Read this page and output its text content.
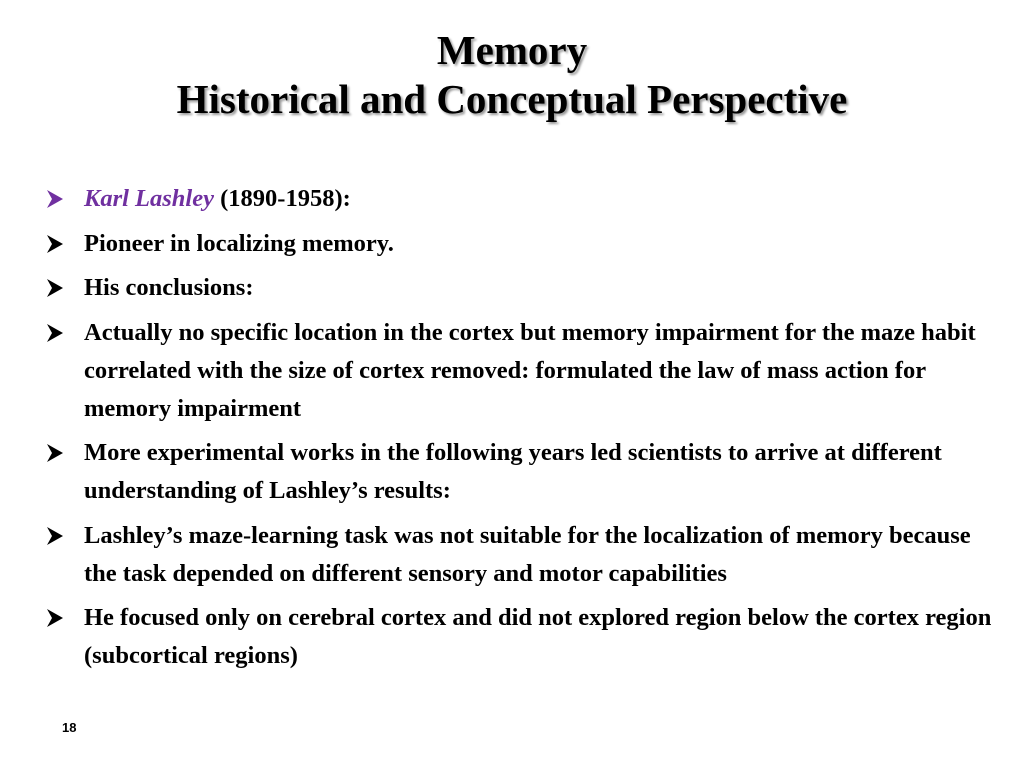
Memory
Historical and Conceptual Perspective
Karl Lashley (1890-1958):
Pioneer in localizing memory.
His conclusions:
Actually no specific location in the cortex but memory impairment for the maze habit correlated with the size of cortex removed: formulated the law of mass action for memory impairment
More experimental works in the following years led scientists to arrive at different understanding of Lashley’s results:
Lashley’s maze-learning task was not suitable for the localization of memory because the task depended on different sensory and motor capabilities
He focused only on cerebral cortex and did not explored region below the cortex region (subcortical regions)
18
